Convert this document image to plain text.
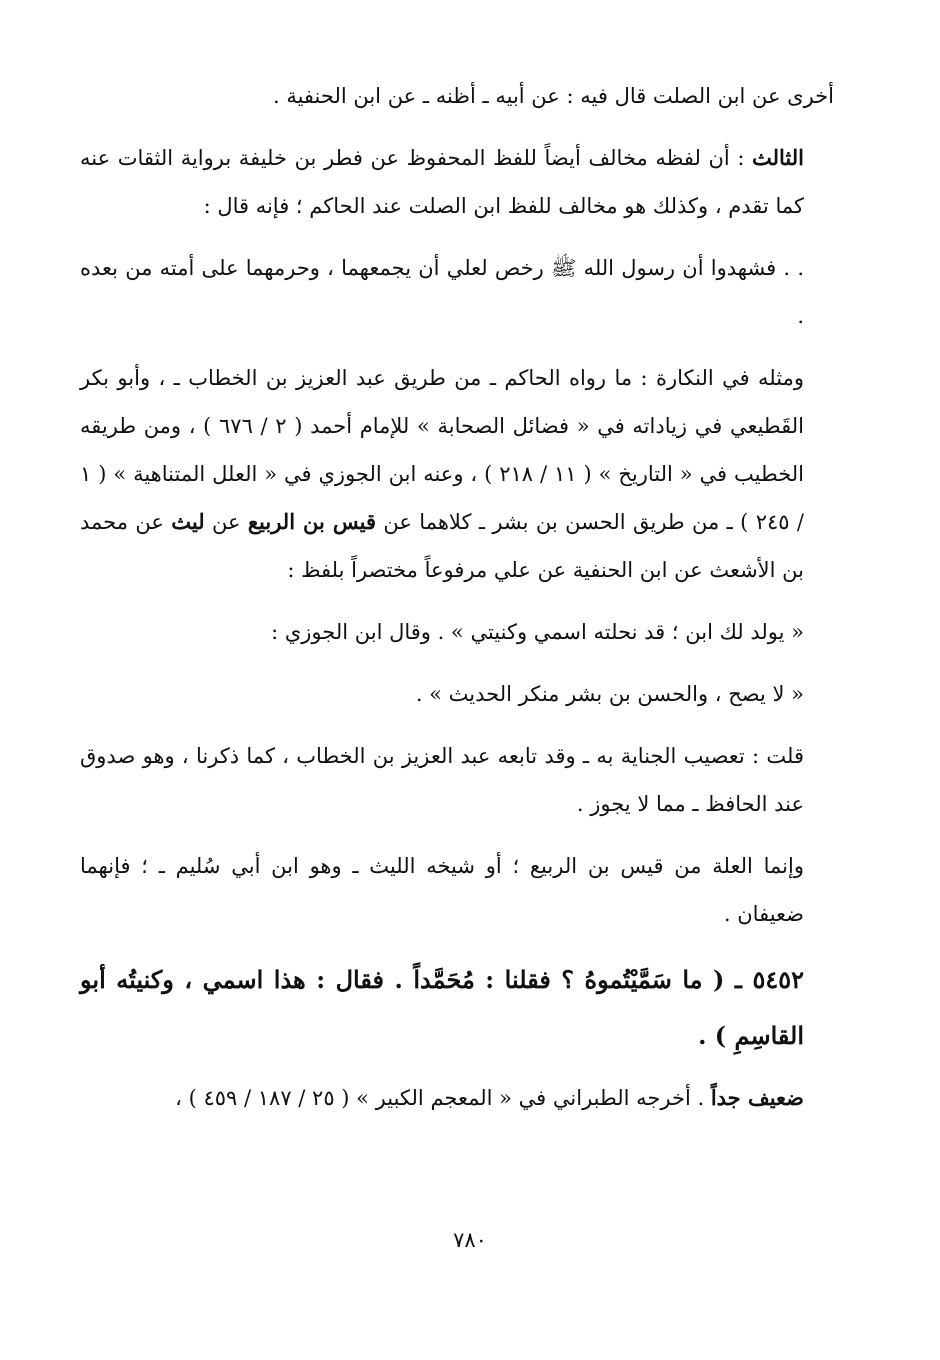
أخرى عن ابن الصلت قال فيه : عن أبيه ـ أظنه ـ عن ابن الحنفية .

الثالث : أن لفظه مخالف أيضاً للفظ المحفوظ عن فطر بن خليفة برواية الثقات عنه كما تقدم ، وكذلك هو مخالف للفظ ابن الصلت عند الحاكم ؛ فإنه قال :

. . فشهدوا أن رسول الله ﷺ رخص لعلي أن يجمعهما ، وحرمهما على أمته من بعده .

ومثله في النكارة : ما رواه الحاكم ـ من طريق عبد العزيز بن الخطاب ـ ، وأبو بكر القَطيعي في زياداته في « فضائل الصحابة » للإمام أحمد ( ٢ / ٦٧٦ ) ، ومن طريقه الخطيب في « التاريخ » ( ١١ / ٢١٨ ) ، وعنه ابن الجوزي في « العلل المتناهية » ( ١ / ٢٤٥ ) ـ من طريق الحسن بن بشر ـ كلاهما عن قيس بن الربيع عن ليث عن محمد بن الأشعث عن ابن الحنفية عن علي مرفوعاً مختصراً بلفظ :

« يولد لك ابن ؛ قد نحلته اسمي وكنيتي » . وقال ابن الجوزي :

« لا يصح ، والحسن بن بشر منكر الحديث » .

قلت : تعصيب الجناية به ـ وقد تابعه عبد العزيز بن الخطاب ، كما ذكرنا ، وهو صدوق عند الحافظ ـ مما لا يجوز .

وإنما العلة من قيس بن الربيع ؛ أو شيخه الليث ـ وهو ابن أبي سُليم ـ ؛ فإنهما ضعيفان .

٥٤٥٢ ـ ( ما سَمَّيْتُموهُ ؟ فقلنا : مُحَمَّداً . فقال : هذا اسمي ، وكنيتُه أبو القاسِمِ ) .

ضعيف جداً . أخرجه الطبراني في « المعجم الكبير » ( ٢٥ / ١٨٧ / ٤٥٩ ) ،

٧٨٠
